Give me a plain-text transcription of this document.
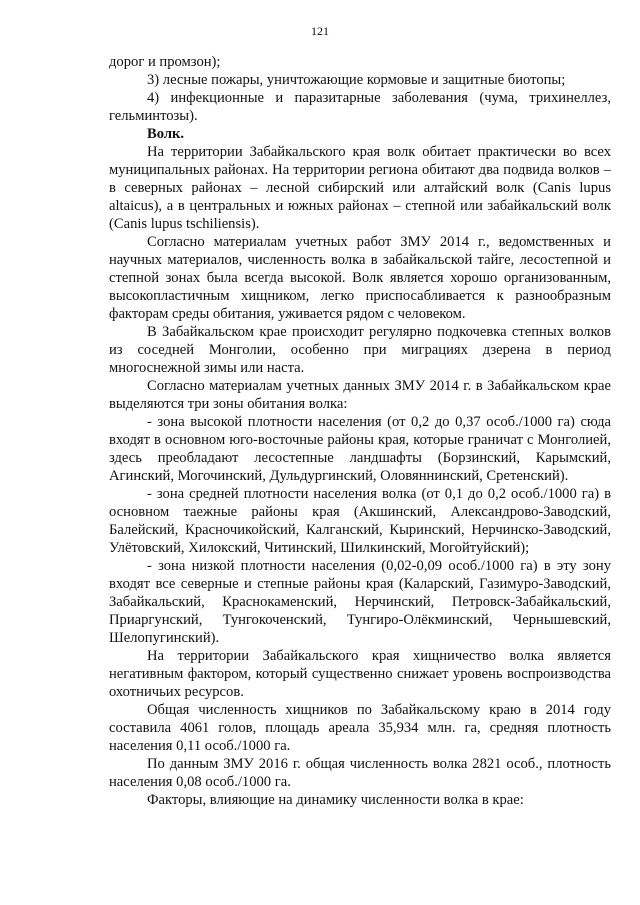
121

дорог и промзон);

3) лесные пожары, уничтожающие кормовые и защитные биотопы;

4) инфекционные и паразитарные заболевания (чума, трихинеллез, гельминтозы).

Волк.

На территории Забайкальского края волк обитает практически во всех муниципальных районах. На территории региона обитают два подвида волков – в северных районах – лесной сибирский или алтайский волк (Canis lupus altaicus), а в центральных и южных районах – степной или забайкальский волк (Canis lupus tschiliensis).

Согласно материалам учетных работ ЗМУ 2014 г., ведомственных и научных материалов, численность волка в забайкальской тайге, лесостепной и степной зонах была всегда высокой. Волк является хорошо организованным, высокопластичным хищником, легко приспосабливается к разнообразным факторам среды обитания, уживается рядом с человеком.

В Забайкальском крае происходит регулярно подкочевка степных волков из соседней Монголии, особенно при миграциях дзерена в период многоснежной зимы или наста.

Согласно материалам учетных данных ЗМУ 2014 г. в Забайкальском крае выделяются три зоны обитания волка:

- зона высокой плотности населения (от 0,2 до 0,37 особ./1000 га) сюда входят в основном юго-восточные районы края, которые граничат с Монголией, здесь преобладают лесостепные ландшафты (Борзинский, Карымский, Агинский, Могочинский, Дульдургинский, Оловяннинский, Сретенский).

- зона средней плотности населения волка (от 0,1 до 0,2 особ./1000 га) в основном таежные районы края (Акшинский, Александрово-Заводский, Балейский, Красночикойский, Калганский, Кыринский, Нерчинско-Заводский, Улётовский, Хилокский, Читинский, Шилкинский, Могойтуйский);

- зона низкой плотности населения (0,02-0,09 особ./1000 га) в эту зону входят все северные и степные районы края (Каларский, Газимуро-Заводский, Забайкальский, Краснокаменский, Нерчинский, Петровск-Забайкальский, Приаргунский, Тунгокоченский, Тунгиро-Олёкминский, Чернышевский, Шелопугинский).

На территории Забайкальского края хищничество волка является негативным фактором, который существенно снижает уровень воспроизводства охотничьих ресурсов.

Общая численность хищников по Забайкальскому краю в 2014 году составила 4061 голов, площадь ареала 35,934 млн. га, средняя плотность населения 0,11 особ./1000 га.

По данным ЗМУ 2016 г. общая численность волка 2821 особ., плотность населения 0,08 особ./1000 га.

Факторы, влияющие на динамику численности волка в крае:
